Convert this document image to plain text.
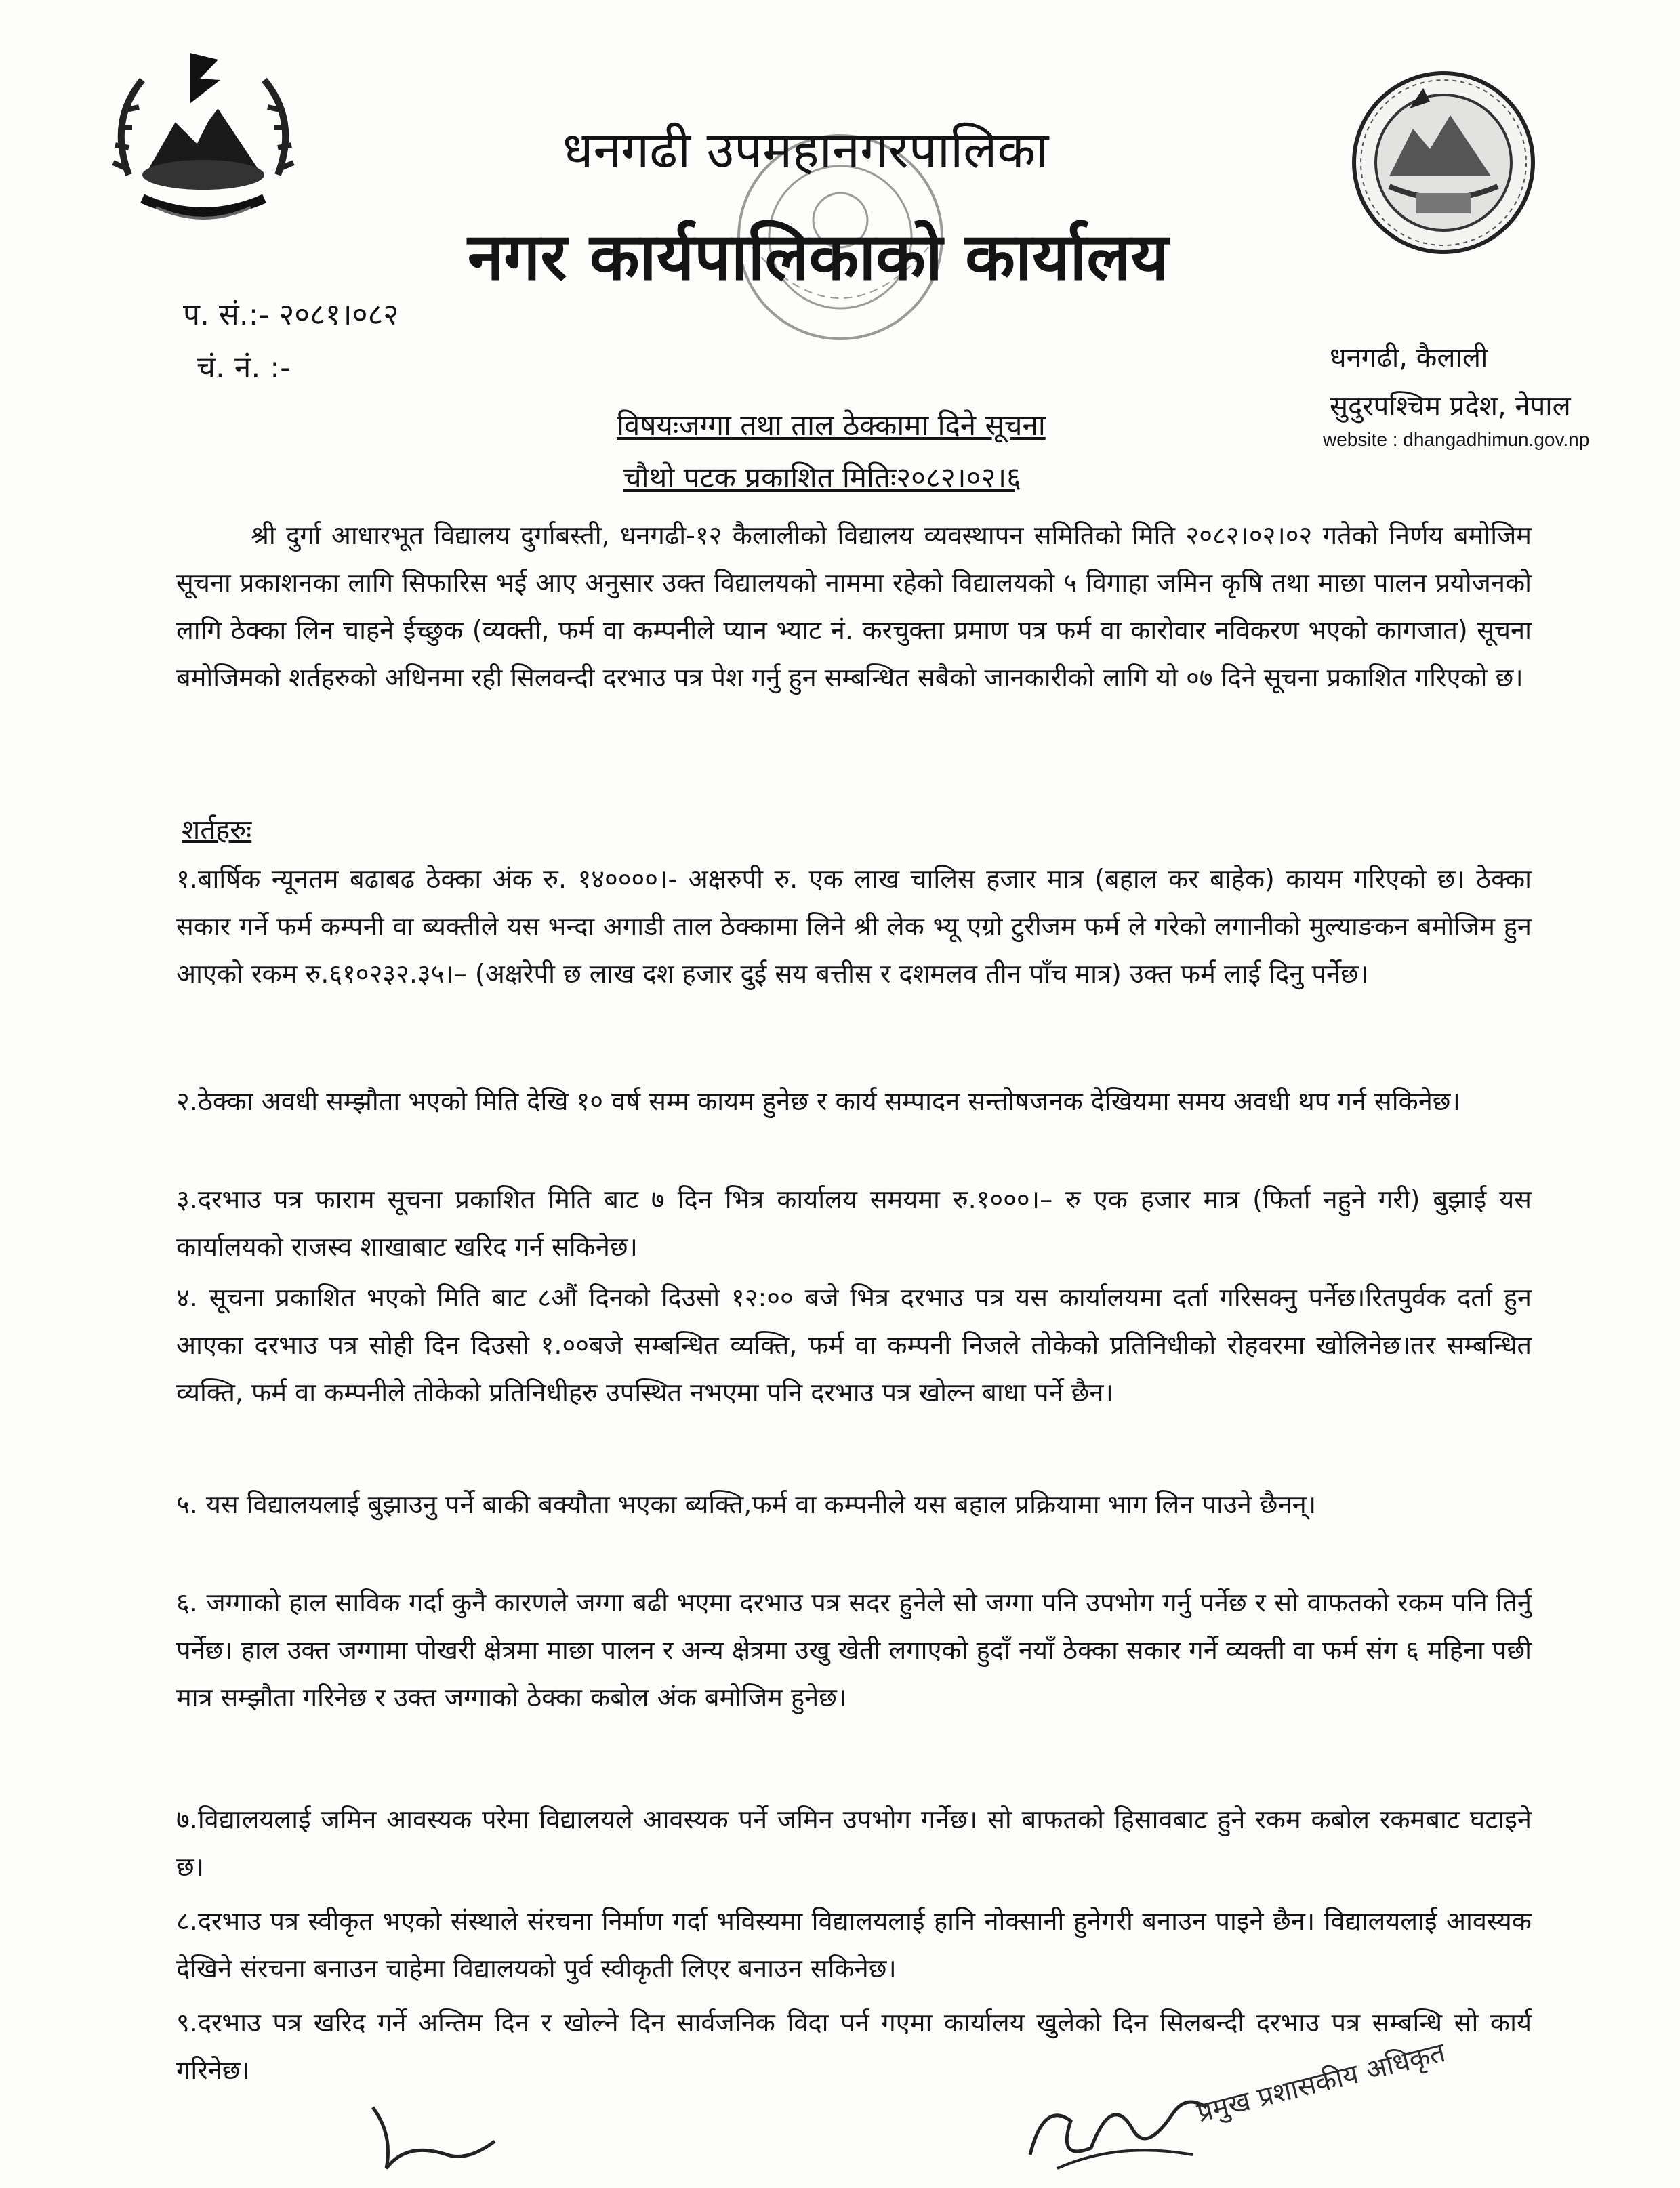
धनगढी उपमहानगरपालिका
नगर कार्यपालिकाको कार्यालय
प. सं.:- २०८१।०८२
चं. नं. :-	धनगढी, कैलाली
सुदुरपश्चिम प्रदेश, नेपाल
website : dhangadhimun.gov.np
विषयःजग्गा तथा ताल ठेक्कामा दिने सूचना
चौथो पटक प्रकाशित मितिः२०८२।०२।६
श्री दुर्गा आधारभूत विद्यालय दुर्गाबस्ती, धनगढी-१२ कैलालीको विद्यालय व्यवस्थापन समितिको मिति २०८२।०२।०२ गतेको निर्णय बमोजिम सूचना प्रकाशनका लागि सिफारिस भई आए अनुसार उक्त विद्यालयको नाममा रहेको विद्यालयको ५ विगाहा जमिन कृषि तथा माछा पालन प्रयोजनको लागि ठेक्का लिन चाहने ईच्छुक (व्यक्ती, फर्म वा कम्पनीले प्यान भ्याट नं. करचुक्ता प्रमाण पत्र फर्म वा कारोवार नविकरण भएको कागजात) सूचना बमोजिमको शर्तहरुको अधिनमा रही सिलवन्दी दरभाउ पत्र पेश गर्नु हुन सम्बन्धित सबैको जानकारीको लागि यो ०७ दिने सूचना प्रकाशित गरिएको छ।
शर्तहरुः
१.बार्षिक न्यूनतम बढाबढ ठेक्का अंक रु. १४००००।- अक्षरुपी रु. एक लाख चालिस हजार मात्र (बहाल कर बाहेक) कायम गरिएको छ। ठेक्का सकार गर्ने फर्म कम्पनी वा ब्यक्तीले यस भन्दा अगाडी ताल ठेक्कामा लिने श्री लेक भ्यू एग्रो टुरीजम फर्म ले गरेको लगानीको मुल्याङकन बमोजिम हुन आएको रकम रु.६१०२३२.३५।– (अक्षरेपी छ लाख दश हजार दुई सय बत्तीस र दशमलव तीन पाँच मात्र) उक्त फर्म लाई दिनु पर्नेछ।
२.ठेक्का अवधी सम्झौता भएको मिति देखि १० वर्ष सम्म कायम हुनेछ र कार्य सम्पादन सन्तोषजनक देखियमा समय अवधी थप गर्न सकिनेछ।
३.दरभाउ पत्र फाराम सूचना प्रकाशित मिति बाट ७ दिन भित्र कार्यालय समयमा रु.१०००।– रु एक हजार मात्र (फिर्ता नहुने गरी) बुझाई यस कार्यालयको राजस्व शाखाबाट खरिद गर्न सकिनेछ।
४. सूचना प्रकाशित भएको मिति बाट ८औं दिनको दिउसो १२:०० बजे भित्र दरभाउ पत्र यस कार्यालयमा दर्ता गरिसक्नु पर्नेछ।रितपुर्वक दर्ता हुन आएका दरभाउ पत्र सोही दिन दिउसो १.००बजे सम्बन्धित व्यक्ति, फर्म वा कम्पनी निजले तोकेको प्रतिनिधीको रोहवरमा खोलिनेछ।तर सम्बन्धित व्यक्ति, फर्म वा कम्पनीले तोकेको प्रतिनिधीहरु उपस्थित नभएमा पनि दरभाउ पत्र खोल्न बाधा पर्ने छैन।
५. यस विद्यालयलाई बुझाउनु पर्ने बाकी बक्यौता भएका ब्यक्ति,फर्म वा कम्पनीले यस बहाल प्रक्रियामा भाग लिन पाउने छैनन्।
६. जग्गाको हाल साविक गर्दा कुनै कारणले जग्गा बढी भएमा दरभाउ पत्र सदर हुनेले सो जग्गा पनि उपभोग गर्नु पर्नेछ र सो वाफतको रकम पनि तिर्नु पर्नेछ। हाल उक्त जग्गामा पोखरी क्षेत्रमा माछा पालन र अन्य क्षेत्रमा उखु खेती लगाएको हुदाँ नयाँ ठेक्का सकार गर्ने व्यक्ती वा फर्म संग ६ महिना पछी मात्र सम्झौता गरिनेछ र उक्त जग्गाको ठेक्का कबोल अंक बमोजिम हुनेछ।
७.विद्यालयलाई जमिन आवस्यक परेमा विद्यालयले आवस्यक पर्ने जमिन उपभोग गर्नेछ। सो बाफतको हिसावबाट हुने रकम कबोल रकमबाट घटाइने छ।
८.दरभाउ पत्र स्वीकृत भएको संस्थाले संरचना निर्माण गर्दा भविस्यमा विद्यालयलाई हानि नोक्सानी हुनेगरी बनाउन पाइने छैन। विद्यालयलाई आवस्यक देखिने संरचना बनाउन चाहेमा विद्यालयको पुर्व स्वीकृती लिएर बनाउन सकिनेछ।
९.दरभाउ पत्र खरिद गर्ने अन्तिम दिन र खोल्ने दिन सार्वजनिक विदा पर्न गएमा कार्यालय खुलेको दिन सिलबन्दी दरभाउ पत्र सम्बन्धि सो कार्य गरिनेछ।	प्रमुख प्रशासकीय अधिकृत
